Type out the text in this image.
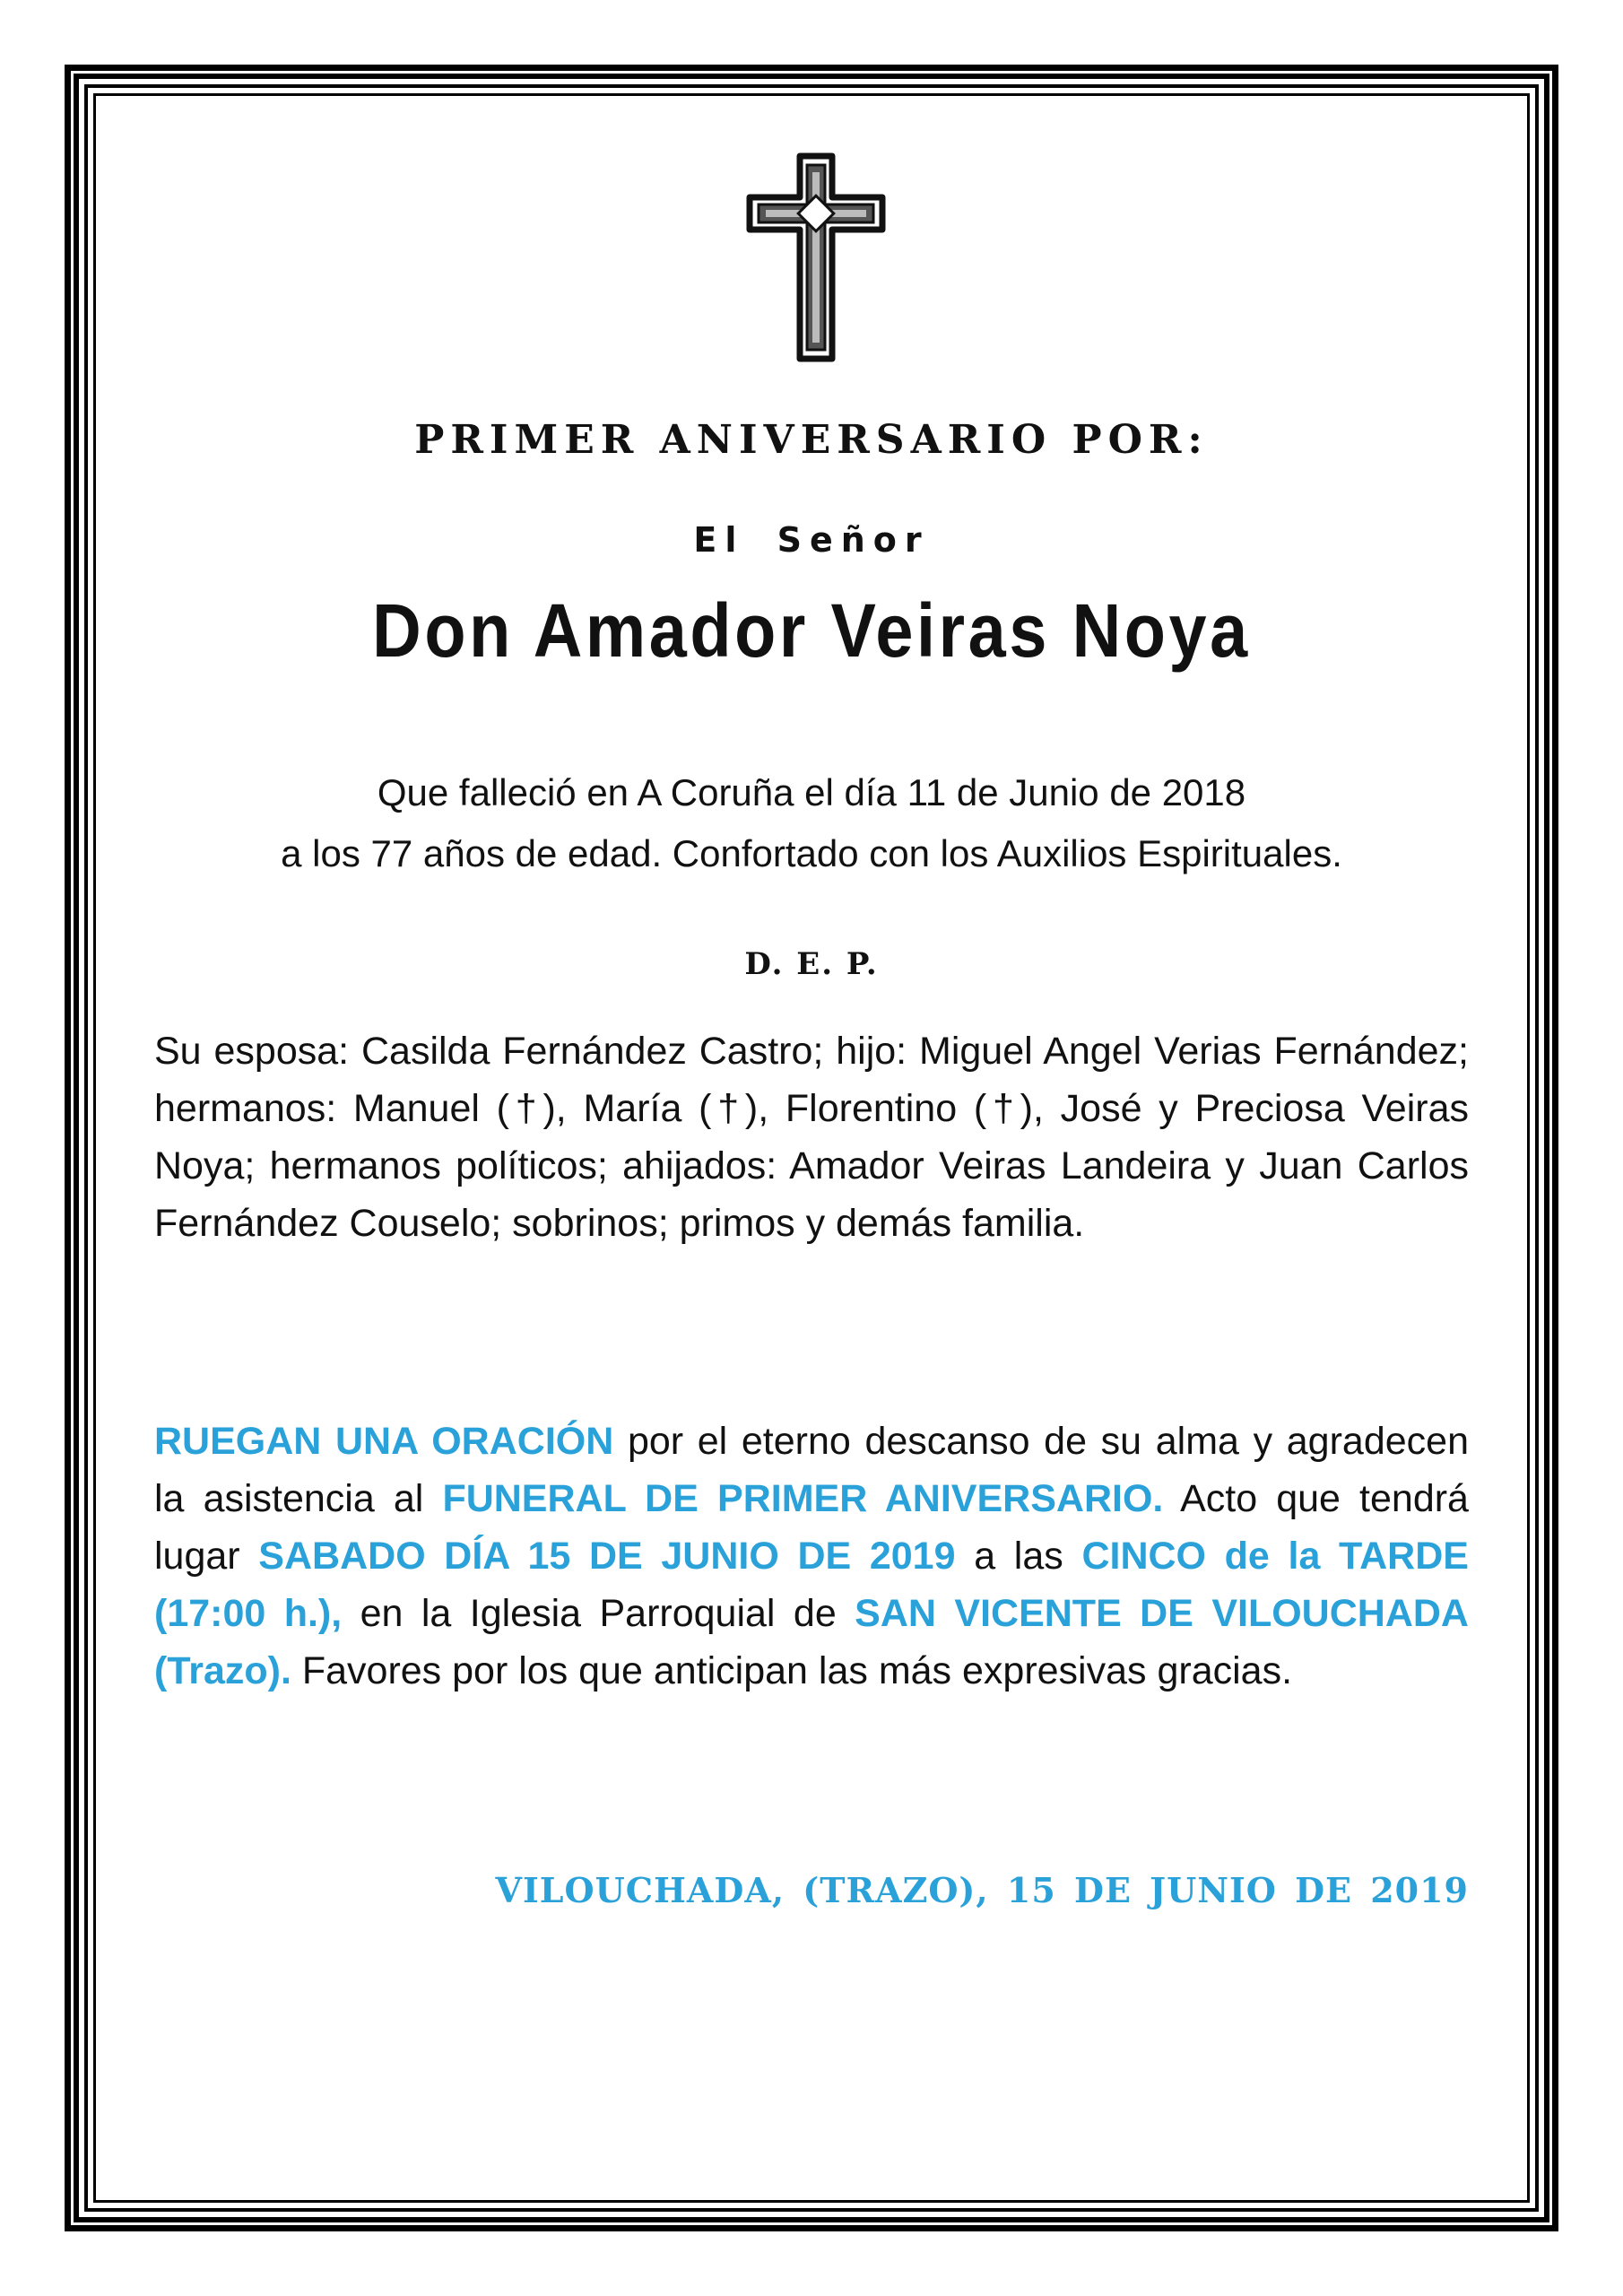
PRIMER ANIVERSARIO POR:
El Señor
Don Amador Veiras Noya
Que falleció en A Coruña el día 11 de Junio de 2018
a los 77 años de edad. Confortado con los Auxilios Espirituales.
D. E. P.

Su esposa: Casilda Fernández Castro; hijo: Miguel Angel Verias Fernández; hermanos: Manuel (†), María (†), Florentino (†), José y Preciosa Veiras Noya; hermanos políticos; ahijados: Amador Veiras Landeira y Juan Carlos Fernández Couselo; sobrinos; primos y demás familia.

RUEGAN UNA ORACIÓN por el eterno descanso de su alma y agradecen la asistencia al FUNERAL DE PRIMER ANIVERSARIO. Acto que tendrá lugar SABADO DÍA 15 DE JUNIO DE 2019 a las CINCO de la TARDE (17:00 h.), en la Iglesia Parroquial de SAN VICENTE DE VILOUCHADA (Trazo). Favores por los que anticipan las más expresivas gracias.

VILOUCHADA, (TRAZO), 15 DE JUNIO DE 2019
